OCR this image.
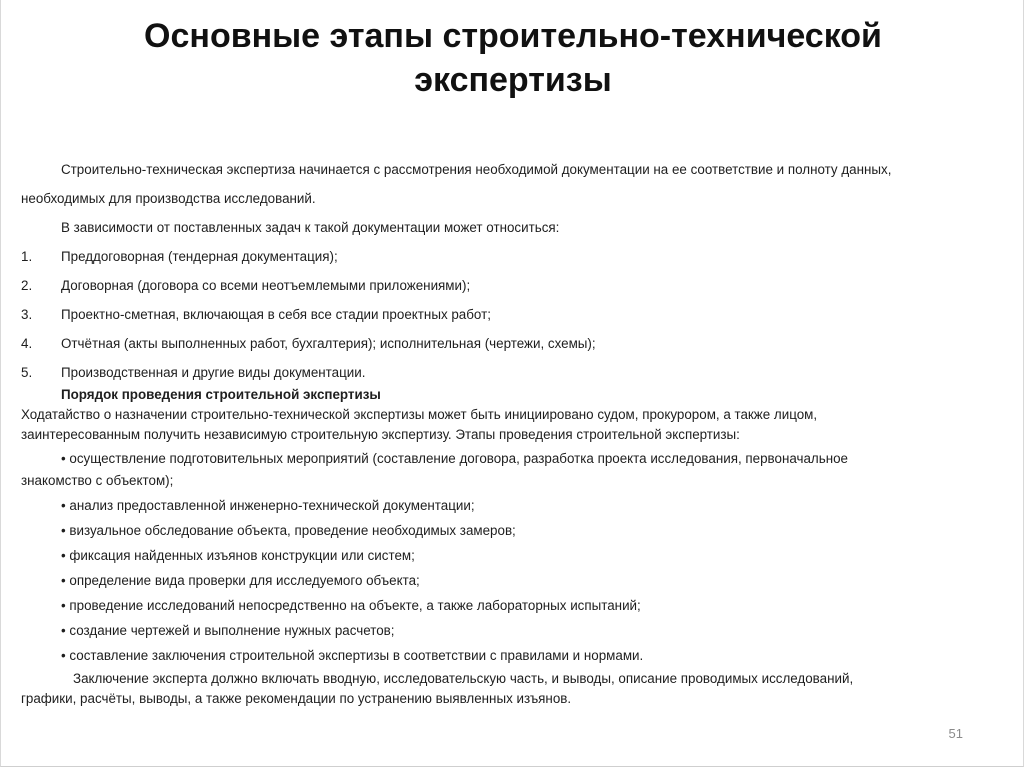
Основные этапы строительно-технической
экспертизы

Строительно-техническая экспертиза начинается с рассмотрения необходимой документации на ее соответствие и полноту данных,

необходимых для производства исследований.

В зависимости от поставленных задач к такой документации может относиться:

1.	Преддоговорная (тендерная документация);
2.	Договорная (договора со всеми неотъемлемыми приложениями);
3.	Проектно-сметная, включающая в себя все стадии проектных работ;
4.	Отчётная (акты выполненных работ, бухгалтерия); исполнительная (чертежи, схемы);
5.	Производственная и другие виды документации.

Порядок проведения строительной экспертизы

Ходатайство о назначении строительно-технической экспертизы может быть инициировано судом, прокурором, а также лицом,
заинтересованным получить независимую строительную экспертизу. Этапы проведения строительной экспертизы:
• осуществление подготовительных мероприятий (составление договора, разработка проекта исследования, первоначальное
знакомство с объектом);
• анализ предоставленной инженерно-технической документации;
• визуальное обследование объекта, проведение необходимых замеров;
• фиксация найденных изъянов конструкции или систем;
• определение вида проверки для исследуемого объекта;
• проведение исследований непосредственно на объекте, а также лабораторных испытаний;
• создание чертежей и выполнение нужных расчетов;
• составление заключения строительной экспертизы в соответствии с правилами и нормами.
Заключение эксперта должно включать вводную, исследовательскую часть, и выводы, описание проводимых исследований,
графики, расчёты, выводы, а также рекомендации по устранению выявленных изъянов.
51
